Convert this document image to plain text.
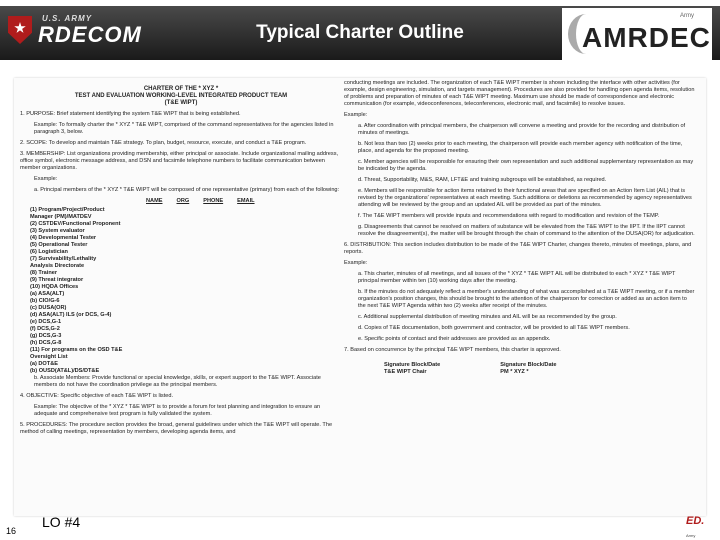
U.S. ARMY
RDECOM	Typical Charter Outline	AMRDEC
Army
CHARTER OF THE * XYZ *
TEST AND EVALUATION WORKING-LEVEL INTEGRATED PRODUCT TEAM
(T&E WIPT)
1. PURPOSE: Brief statement identifying the system T&E WIPT that is being established.
Example: To formally charter the * XYZ * T&E WIPT, comprised of the command representatives for the agencies listed in paragraph 3, below.
2. SCOPE: To develop and maintain T&E strategy. To plan, budget, resource, execute, and conduct a T&E program.
3. MEMBERSHIP: List organizations providing membership, either principal or associate. Include organizational mailing address, office symbol, electronic message address, and DSN and facsimile telephone numbers to facilitate communication between member organizations.
Example:
a. Principal members of the * XYZ * T&E WIPT will be composed of one representative (primary) from each of the following:
NAME	ORG	PHONE	EMAIL
(1) Program/Project/Product
Manager (PM)/MATDEV
(2) CSTDEV/Functional Proponent
(3) System evaluator
(4) Developmental Tester
(5) Operational Tester
(6) Logistician
(7) Survivability/Lethality
Analysis Directorate
(8) Trainer
(9) Threat integrator
(10) HQDA Offices
(a) ASA(ALT)
(b) CIO/G-6
(c) DUSA(OR)
(d) ASA(ALT) ILS (or DCS, G-4)
(e) DCS,G-1
(f) DCS,G-2
(g) DCS,G-3
(h) DCS,G-8
(11) For programs on the OSD T&E
Oversight List
(a) DOT&E
(b) OUSD(AT&L)/DS/DT&E
b. Associate Members: Provide functional or special knowledge, skills, or expert support to the T&E WIPT. Associate members do not have the coordination privilege as the principal members.
4. OBJECTIVE: Specific objective of each T&E WIPT is listed.
Example: The objective of the * XYZ * T&E WIPT is to provide a forum for test planning and integration to ensure an adequate and comprehensive test program is fully validated the system.
5. PROCEDURES: The procedure section provides the broad, general guidelines under which the T&E WIPT will operate. The method of calling meetings, representation by members, developing agenda items, and
conducting meetings are included. The organization of each T&E WIPT member is shown including the interface with other activities (for example, design engineering, simulation, and targets management). Procedures are also provided for handling open agenda items, resolution of problems and preparation of minutes of each T&E WIPT meeting. Maximum use should be made of correspondence and electronic communication (for example, videoconferences, teleconferences, electronic mail, and facsimile) to resolve issues.
Example:
a. After coordination with principal members, the chairperson will convene a meeting and provide for the recording and distribution of minutes of meetings.
b. Not less than two (2) weeks prior to each meeting, the chairperson will provide each member agency with notification of the time, place, and agenda for the proposed meeting.
c. Member agencies will be responsible for ensuring their own representation and such additional supplementary representation as may be indicated by the agenda.
d. Threat, Supportability, M&S, RAM, LFT&E and training subgroups will be established, as required.
e. Members will be responsible for action items retained to their functional areas that are specified on an Action Item List (AIL) that is revised by the organizations' representatives at each meeting. Such additions or deletions as recommended by agency representatives attending will be reviewed by the group and an updated AIL will be provided as part of the minutes.
f. The T&E WIPT members will provide inputs and recommendations with regard to modification and revision of the TEMP.
g. Disagreements that cannot be resolved on matters of substance will be elevated from the T&E WIPT to the IIPT. If the IIPT cannot resolve the disagreement(s), the matter will be brought through the chain of command to the attention of the DUSA(OR) for adjudication.
6. DISTRIBUTION: This section includes distribution to be made of the T&E WIPT Charter, changes thereto, minutes of meetings, plans, and reports.
Example:
a. This charter, minutes of all meetings, and all issues of the * XYZ * T&E WIPT AIL will be distributed to each * XYZ * T&E WIPT principal member within ten (10) working days after the meeting.
b. If the minutes do not adequately reflect a member's understanding of what was accomplished at a T&E WIPT meeting, or if a member organization's position changes, this should be brought to the attention of the chairperson for correction or added as an action item to the next T&E WIPT Agenda within two (2) weeks after receipt of the minutes.
c. Additional supplemental distribution of meeting minutes and AIL will be as recommended by the group.
d. Copies of T&E documentation, both government and contractor, will be provided to all T&E WIPT members.
e. Specific points of contact and their addresses are provided as an appendix.
7. Based on concurrence by the principal T&E WIPT members, this charter is approved.
Signature Block/Date
T&E WIPT Chair
Signature Block/Date
PM * XYZ *
16
LO #4	ED.
Army
